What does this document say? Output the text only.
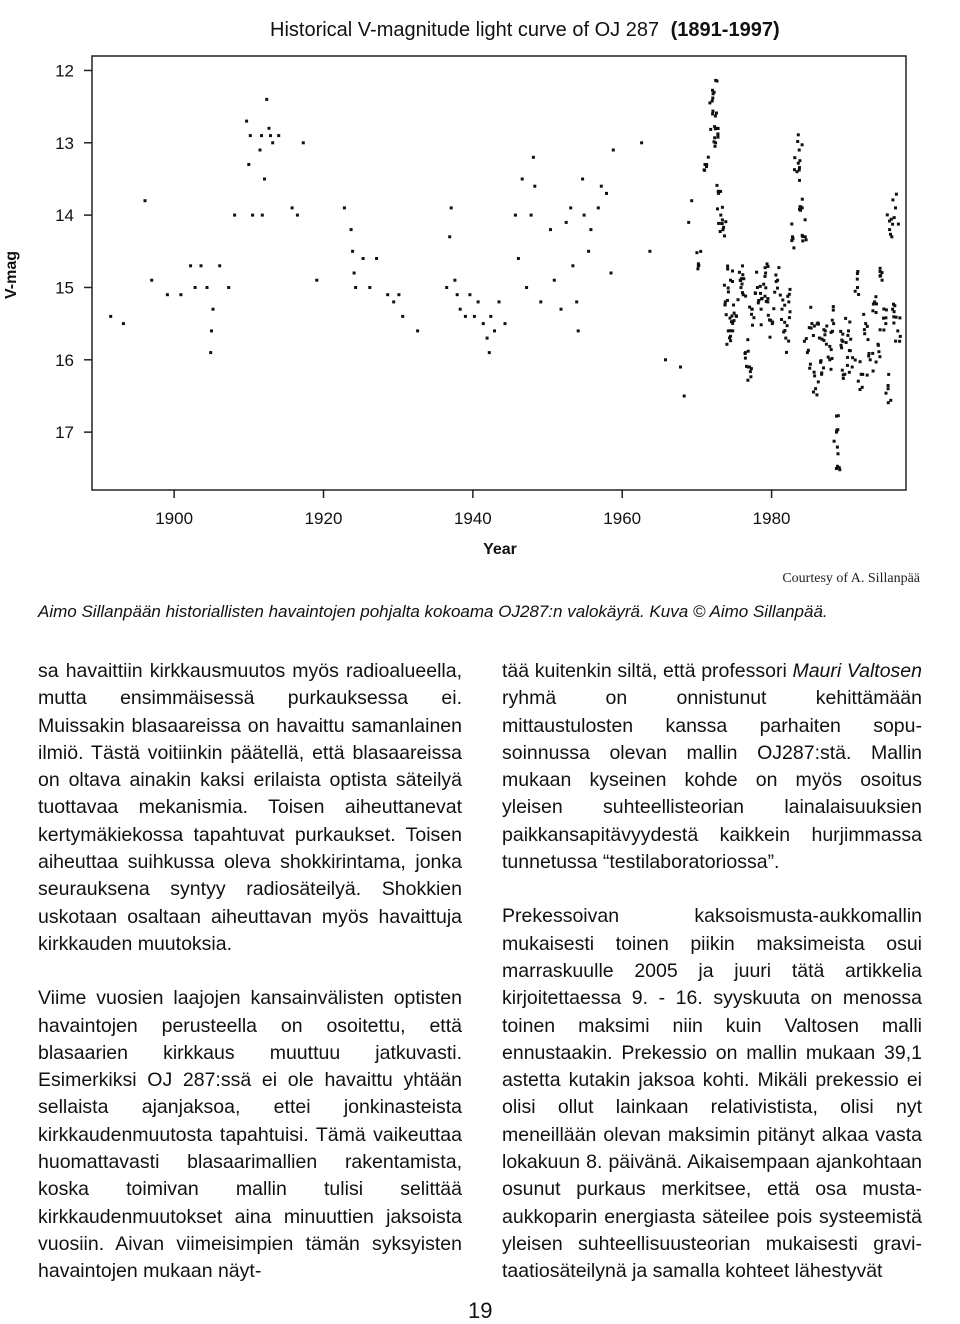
Historical V-magnitude light curve of OJ 287 (1891-1997)
12
13
14
15
16
17
1900	1920	1940	1960	1980
V-mag
Year
Courtesy of A. Sillanpää
Aimo Sillanpään historiallisten havaintojen pohjalta kokoama OJ287:n valokäyrä. Kuva © Aimo Sillanpää.

sa havaittiin kirkkausmuutos myös radioalueella, mutta ensimmäisessä purkauksessa ei. Muissakin blasaareissa on havaittu samanlainen ilmiö. Tästä voitiinkin päätellä, että blasaareissa on oltava ainakin kaksi erilaista optista säteilyä tuottavaa mekanismia. Toisen aiheuttanevat kertymäkiekossa tapahtuvat purkaukset. Toisen aiheuttaa suihkussa oleva shokkirintama, jonka seurauksena syntyy radiosäteilyä. Shokkien uskotaan osaltaan aiheuttavan myös havaittuja kirkkauden muutoksia.

Viime vuosien laajojen kansainvälisten optisten havaintojen perusteella on osoitettu, että blasaarien kirkkaus muuttuu jatkuvasti. Esimerkiksi OJ 287:ssä ei ole havaittu yhtään sellaista ajanjaksoa, ettei jonkinasteista kirkkaudenmuutosta tapahtuisi. Tämä vaikeuttaa huomattavasti blasaarimallien rakentamista, koska toimivan mallin tulisi selittää kirkkaudenmuutokset aina minuuttien jaksoista vuosiin. Aivan viimeisimpien tämän syksyisten havaintojen mukaan näyt-

tää kuitenkin siltä, että professori Mauri Valtosen ryhmä on onnistunut kehittämään mittaustulosten kanssa parhaiten sopusoinnussa olevan mallin OJ287:stä. Mallin mukaan kyseinen kohde on myös osoitus yleisen suhteellisteorian lainalaisuuksien paikkansapitävyydestä kaikkein hurjimmassa tunnetussa “testilaboratoriossa”.

Prekessoivan kaksoismusta-aukkomallin mukaisesti toinen piikin maksimeista osui marraskuulle 2005 ja juuri tätä artikkelia kirjoitettaessa 9. - 16. syyskuuta on menossa toinen maksimi niin kuin Valtosen malli ennustaakin. Prekessio on mallin mukaan 39,1 astetta kutakin jaksoa kohti. Mikäli prekessio ei olisi ollut lainkaan relativistista, olisi nyt meneillään olevan maksimin pitänyt alkaa vasta lokakuun 8. päivänä. Aikaisempaan ajankohtaan osunut purkaus merkitsee, että osa musta-aukkoparin energiasta säteilee pois systeemistä yleisen suhteellisuusteorian mukaisesti gravitaatiosäteilynä ja samalla kohteet lähestyvät

19
